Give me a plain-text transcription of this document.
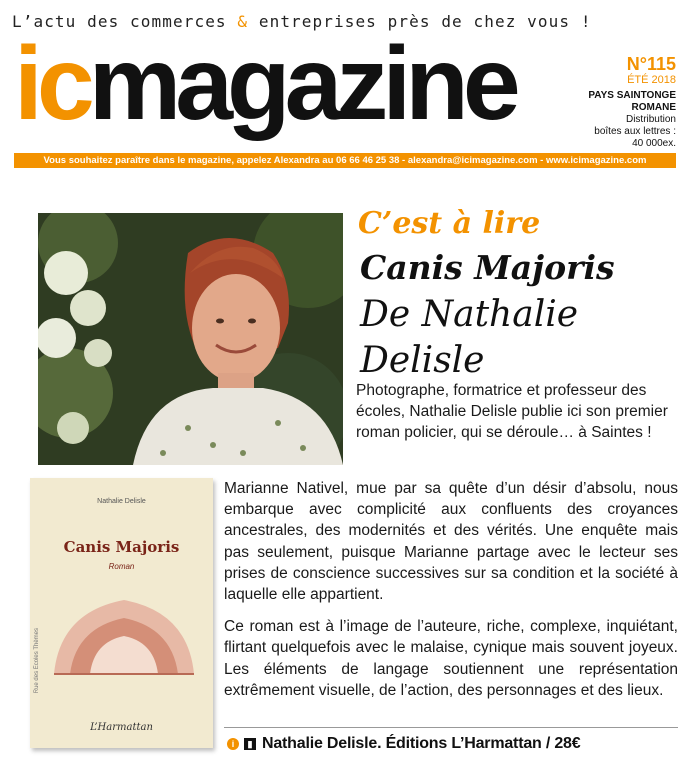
L’actu des commerces & entreprises près de chez vous !
icmagazine	N°115
ÉTÉ 2018
PAYS SAINTONGE
ROMANE
Distribution
boîtes aux lettres :
40 000ex.
Vous souhaitez paraître dans le magazine, appelez Alexandra au 06 66 46 25 38 - alexandra@icimagazine.com - www.icimagazine.com
C’est à lire
Canis Majoris
De Nathalie
Delisle
Photographe, formatrice et professeur des écoles, Nathalie Delisle publie ici son premier roman policier, qui se déroule… à Saintes !
Nathalie Delisle
Canis Majoris
Roman
Rue des Écoles Thèmes
L’Harmattan

Marianne Nativel, mue par sa quête d’un désir d’absolu, nous embarque avec complicité aux confluents des croyances ancestrales, des modernités et des vérités. Une enquête mais pas seulement, puisque Marianne partage avec le lecteur ses prises de conscience successives sur sa condition et la société à laquelle elle appartient.

Ce roman est à l’image de l’auteure, riche, complexe, inquiétant, flirtant quelquefois avec le malaise, cynique mais souvent joyeux. Les éléments de langage soutiennent une représentation extrêmement visuelle, de l’action, des personnages et des lieux.

i	▮ Nathalie Delisle. Éditions L’Harmattan / 28€
